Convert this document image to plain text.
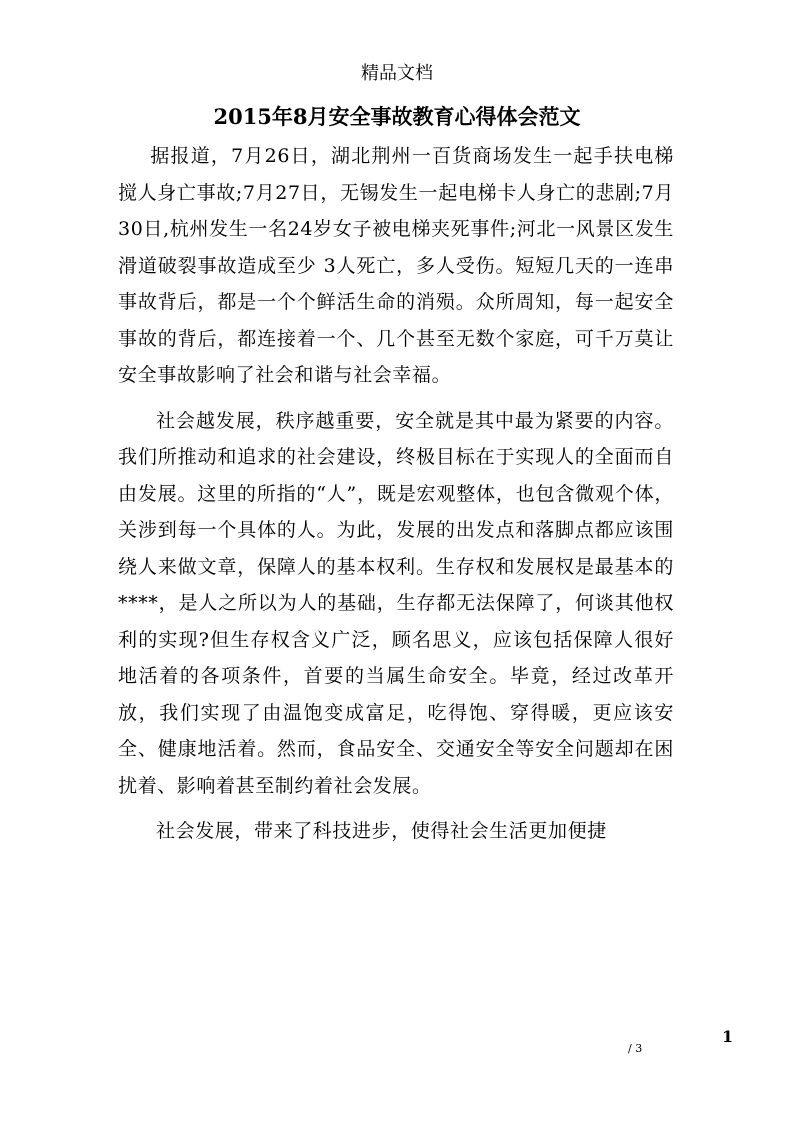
精品文档
2015年8月安全事故教育心得体会范文

据报道，7月26日，湖北荆州一百货商场发生一起手扶电梯搅人身亡事故;7月27日，无锡发生一起电梯卡人身亡的悲剧;7月30日,杭州发生一名24岁女子被电梯夹死事件;河北一风景区发生滑道破裂事故造成至少 3人死亡，多人受伤。短短几天的一连串事故背后，都是一个个鲜活生命的消殒。众所周知，每一起安全事故的背后，都连接着一个、几个甚至无数个家庭，可千万莫让安全事故影响了社会和谐与社会幸福。

社会越发展，秩序越重要，安全就是其中最为紧要的内容。我们所推动和追求的社会建设，终极目标在于实现人的全面而自由发展。这里的所指的“人”，既是宏观整体，也包含微观个体，关涉到每一个具体的人。为此，发展的出发点和落脚点都应该围绕人来做文章，保障人的基本权利。生存权和发展权是最基本的****，是人之所以为人的基础，生存都无法保障了，何谈其他权利的实现?但生存权含义广泛，顾名思义，应该包括保障人很好地活着的各项条件，首要的当属生命安全。毕竟，经过改革开放，我们实现了由温饱变成富足，吃得饱、穿得暖，更应该安全、健康地活着。然而，食品安全、交通安全等安全问题却在困扰着、影响着甚至制约着社会发展。

社会发展，带来了科技进步，使得社会生活更加便捷

1
/ 3
